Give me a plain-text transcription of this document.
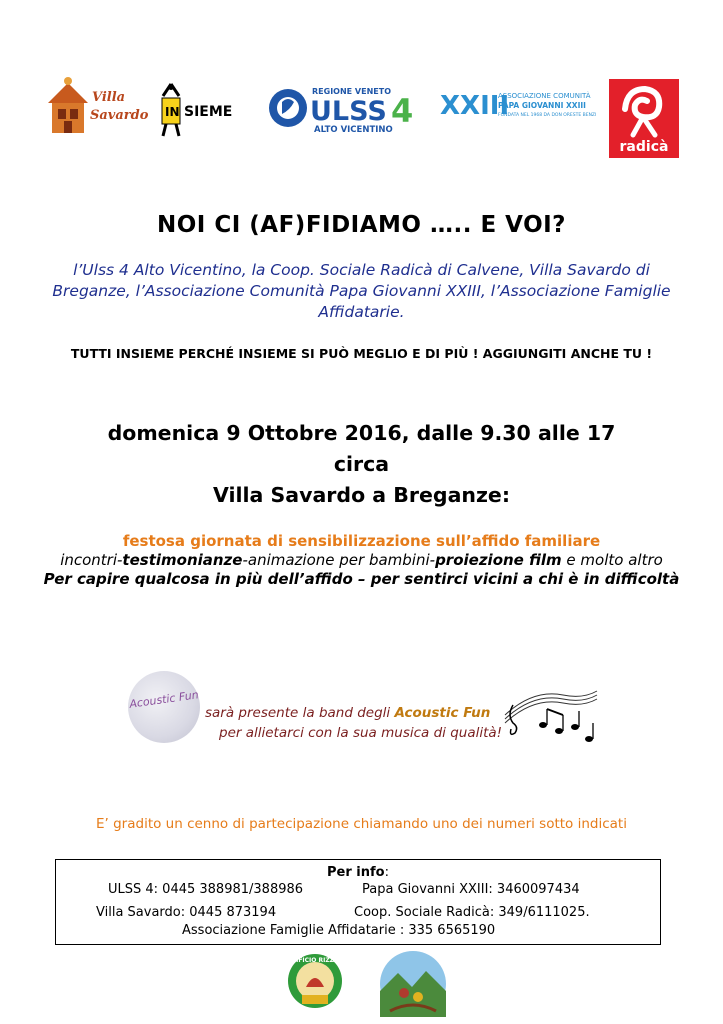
Villa
Savardo IN SIEME
REGIONE VENETO
ULSS 4
ALTO VICENTINO
XXIII
ASSOCIAZIONE COMUNITÀ
PAPA GIOVANNI XXIII
FONDATA NEL 1968 DA DON ORESTE BENZI
radicà
NOI CI (AF)FIDIAMO ….. E VOI?
l’Ulss 4 Alto Vicentino, la Coop. Sociale Radicà di Calvene, Villa Savardo di Breganze, l’Associazione Comunità Papa Giovanni XXIII, l’Associazione Famiglie Affidatarie.
TUTTI INSIEME PERCHÉ INSIEME SI PUÒ MEGLIO E DI PIÙ ! AGGIUNGITI ANCHE TU !
domenica 9 Ottobre 2016, dalle 9.30 alle 17
circa
Villa Savardo a Breganze:
festosa giornata di sensibilizzazione sull’affido familiare
incontri-testimonianze-animazione per bambini-proiezione film e molto altro
Per capire qualcosa in più dell’affido – per sentirci vicini a chi è in difficoltà
Acoustic Fun
sarà presente la band degli Acoustic Fun
per allietarci con la sua musica di qualità!
E’ gradito un cenno di partecipazione chiamando uno dei numeri sotto indicati
Per info:
ULSS 4: 0445 388981/388986	Papa Giovanni XXIII: 3460097434
Villa Savardo: 0445 873194	Coop. Sociale Radicà: 349/6111025.
Associazione Famiglie Affidatarie : 335 6565190
PANIFICIO RIZZATO
